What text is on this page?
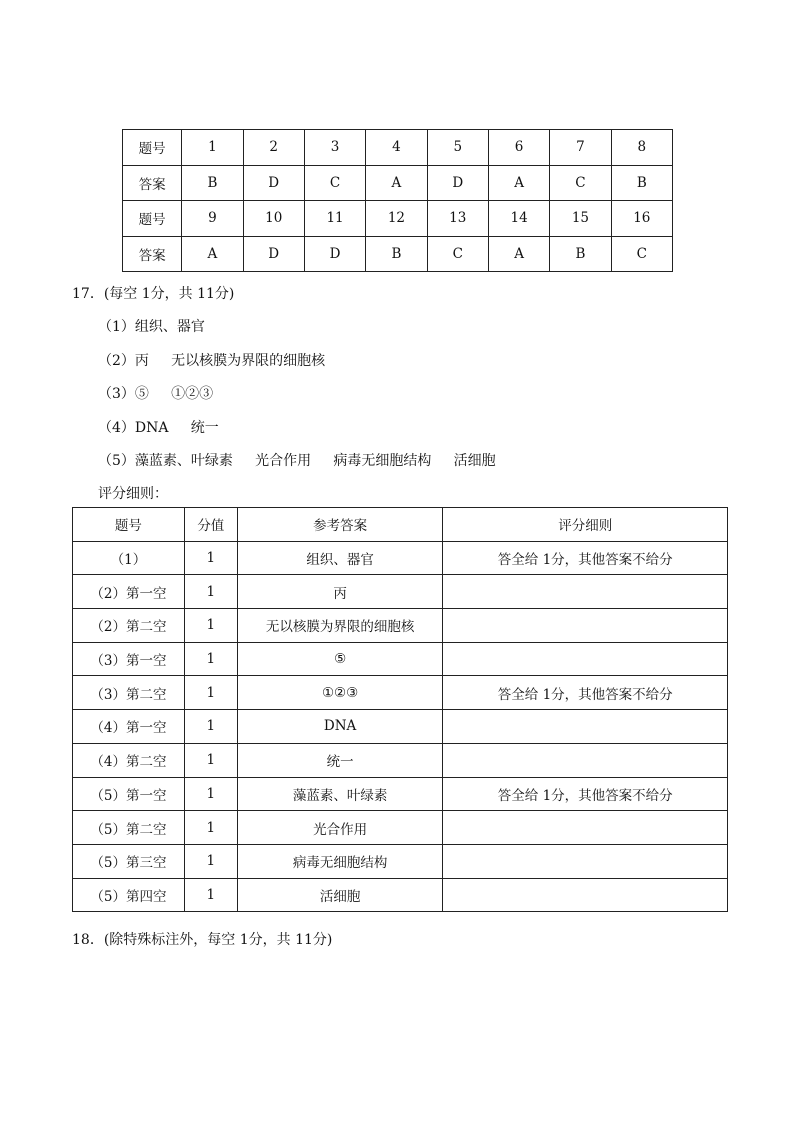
题号	1	2	3	4	5	6	7	8
答案	B	D	C	A	D	A	C	B
题号	9	10	11	12	13	14	15	16
答案	A	D	D	B	C	A	B	C
17．(每空 1分，共 11分)
（1）组织、器官
（2）丙     无以核膜为界限的细胞核
（3）⑤     ①②③
（4）DNA     统一
（5）藻蓝素、叶绿素     光合作用     病毒无细胞结构     活细胞
评分细则：
题号	分值	参考答案	评分细则
（1）	1	组织、器官	答全给 1分，其他答案不给分
（2）第一空	1	丙	
（2）第二空	1	无以核膜为界限的细胞核	
（3）第一空	1	⑤	
（3）第二空	1	①②③	答全给 1分，其他答案不给分
（4）第一空	1	DNA	
（4）第二空	1	统一	
（5）第一空	1	藻蓝素、叶绿素	答全给 1分，其他答案不给分
（5）第二空	1	光合作用	
（5）第三空	1	病毒无细胞结构	
（5）第四空	1	活细胞	
18．(除特殊标注外，每空 1分，共 11分)
